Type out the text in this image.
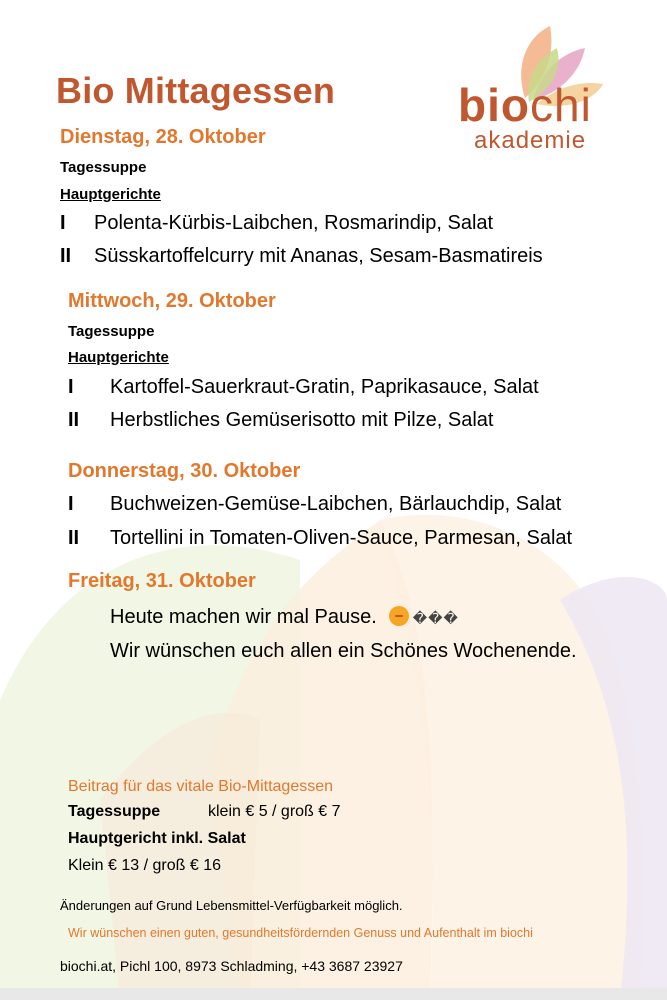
biochi
akademie
Bio Mittagessen
Dienstag, 28. Oktober
Tagessuppe
Hauptgerichte
I Polenta-Kürbis-Laibchen, Rosmarindip, Salat
II Süsskartoffelcurry mit Ananas, Sesam-Basmatireis
Mittwoch, 29. Oktober
Tagessuppe
Hauptgerichte
I Kartoffel-Sauerkraut-Gratin, Paprikasauce, Salat
II Herbstliches Gemüserisotto mit Pilze, Salat
Donnerstag, 30. Oktober
I Buchweizen-Gemüse-Laibchen, Bärlauchdip, Salat
II Tortellini in Tomaten-Oliven-Sauce, Parmesan, Salat
Freitag, 31. Oktober
Heute machen wir mal Pause.	�️��
Wir wünschen euch allen ein Schönes Wochenende.
Beitrag für das vitale Bio-Mittagessen
Tagessuppe	klein € 5 / groß € 7
Hauptgericht inkl. Salat
Klein € 13 / groß € 16
Änderungen auf Grund Lebensmittel-Verfügbarkeit möglich.
Wir wünschen einen guten, gesundheitsfördernden Genuss und Aufenthalt im biochi
biochi.at, Pichl 100, 8973 Schladming, +43 3687 23927
